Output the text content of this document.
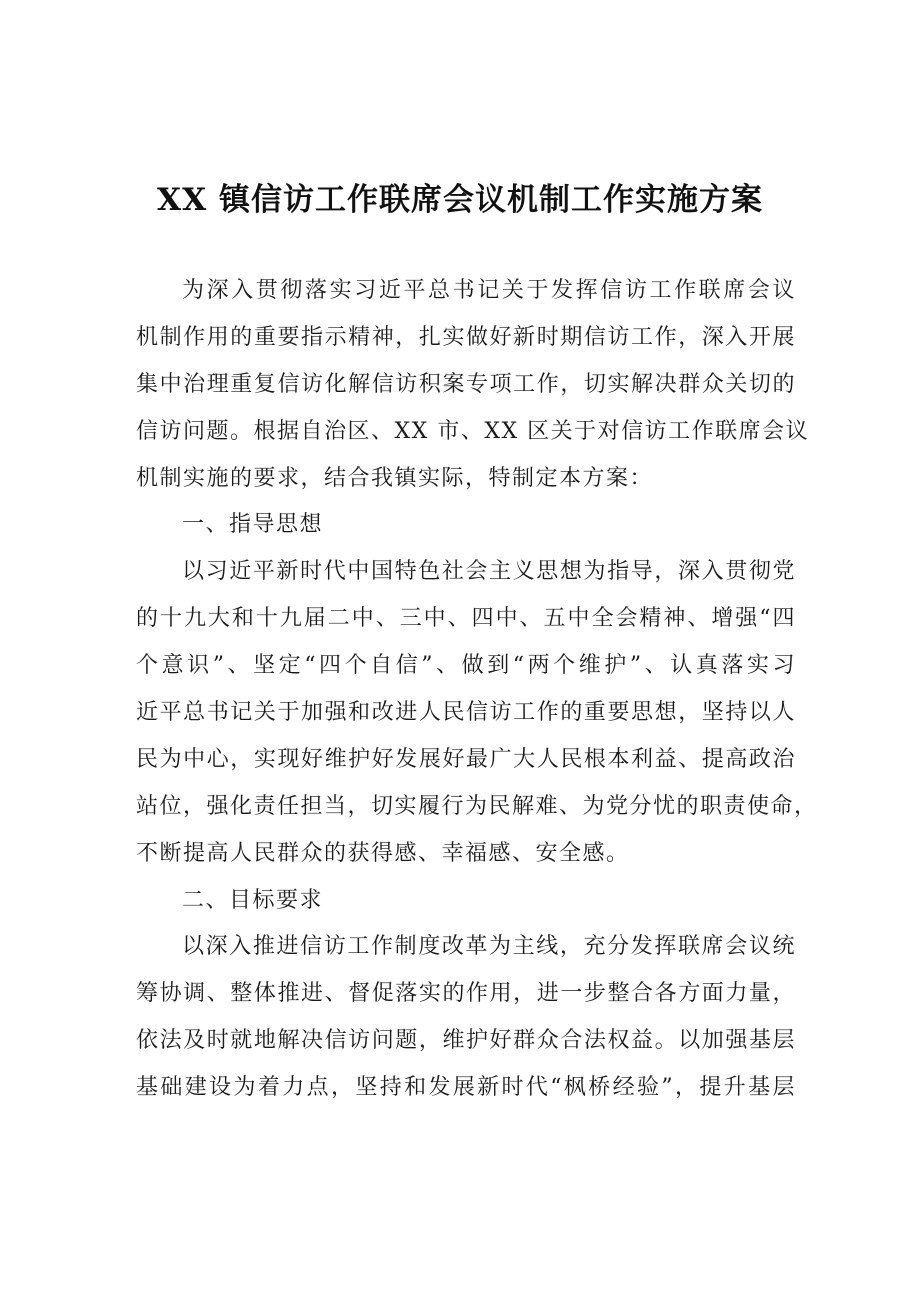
XX 镇信访工作联席会议机制工作实施方案
为深入贯彻落实习近平总书记关于发挥信访工作联席会议
机制作用的重要指示精神，扎实做好新时期信访工作，深入开展
集中治理重复信访化解信访积案专项工作，切实解决群众关切的
信访问题。根据自治区、XX 市、XX 区关于对信访工作联席会议
机制实施的要求，结合我镇实际，特制定本方案：
一、指导思想
以习近平新时代中国特色社会主义思想为指导，深入贯彻党
的十九大和十九届二中、三中、四中、五中全会精神、增强“四
个意识”、坚定“四个自信”、做到“两个维护”、认真落实习
近平总书记关于加强和改进人民信访工作的重要思想，坚持以人
民为中心，实现好维护好发展好最广大人民根本利益、提高政治
站位，强化责任担当，切实履行为民解难、为党分忧的职责使命，
不断提高人民群众的获得感、幸福感、安全感。
二、目标要求
以深入推进信访工作制度改革为主线，充分发挥联席会议统
筹协调、整体推进、督促落实的作用，进一步整合各方面力量，
依法及时就地解决信访问题，维护好群众合法权益。以加强基层
基础建设为着力点，坚持和发展新时代“枫桥经验”，提升基层
